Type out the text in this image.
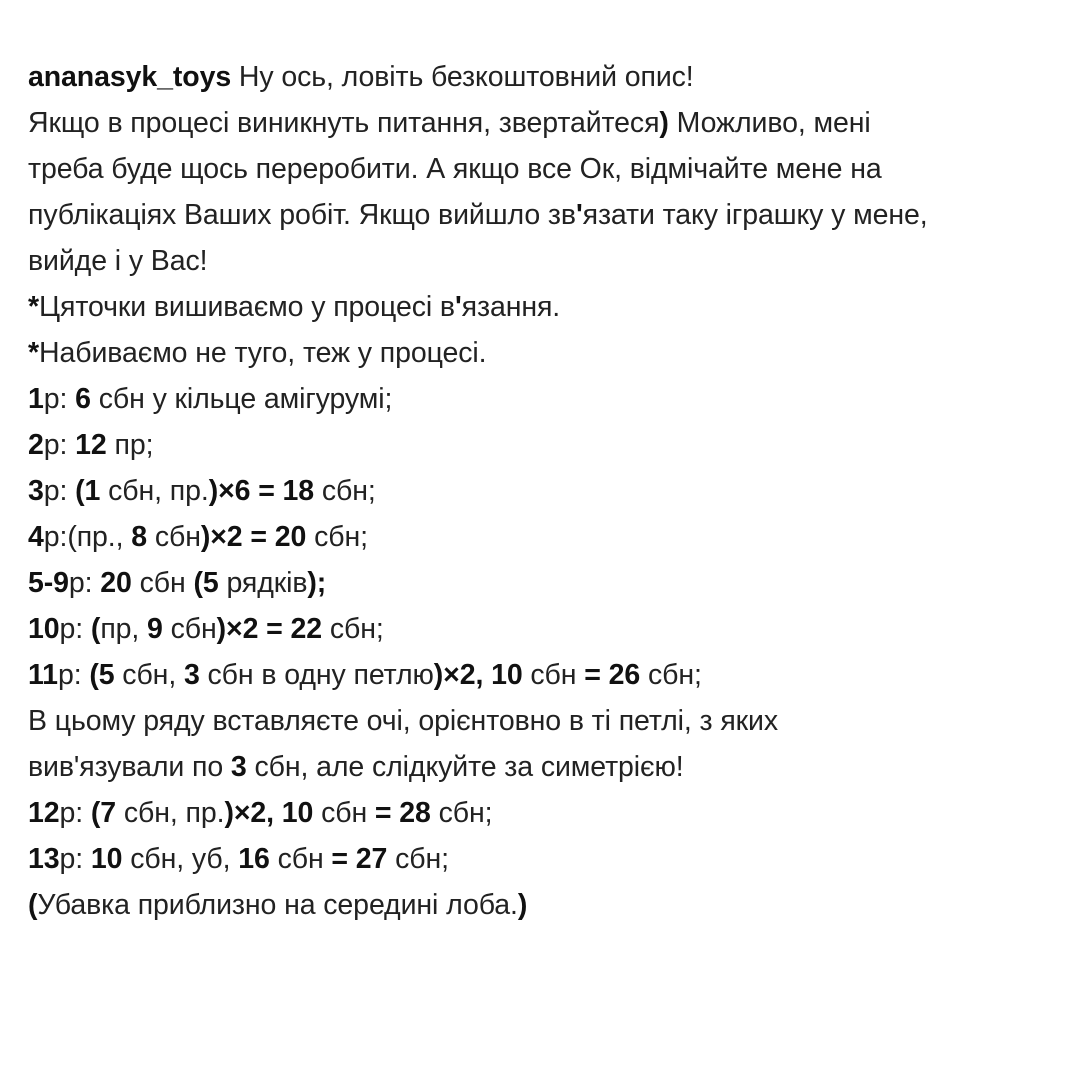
ananasyk_toys Ну ось, ловіть безкоштовний опис!
Якщо в процесі виникнуть питання, звертайтеся) Можливо, мені
треба буде щось переробити. А якщо все Ок, відмічайте мене на
публікаціях Ваших робіт. Якщо вийшло зв'язати таку іграшку у мене,
вийде і у Вас!
*Цяточки вишиваємо у процесі в'язання.
*Набиваємо не туго, теж у процесі.
1р: 6 сбн у кільце амігурумі;
2р: 12 пр;
3р: (1 сбн, пр.)×6 = 18 сбн;
4р:(пр., 8 сбн)×2 = 20 сбн;
5-9р: 20 сбн (5 рядків);
10р: (пр, 9 сбн)×2 = 22 сбн;
11р: (5 сбн, 3 сбн в одну петлю)×2, 10 сбн = 26 сбн;
В цьому ряду вставляєте очі, орієнтовно в ті петлі, з яких
вив'язували по 3 сбн, але слідкуйте за симетрією!
12р: (7 сбн, пр.)×2, 10 сбн = 28 сбн;
13р: 10 сбн, уб, 16 сбн = 27 сбн;
(Убавка приблизно на середині лоба.)
